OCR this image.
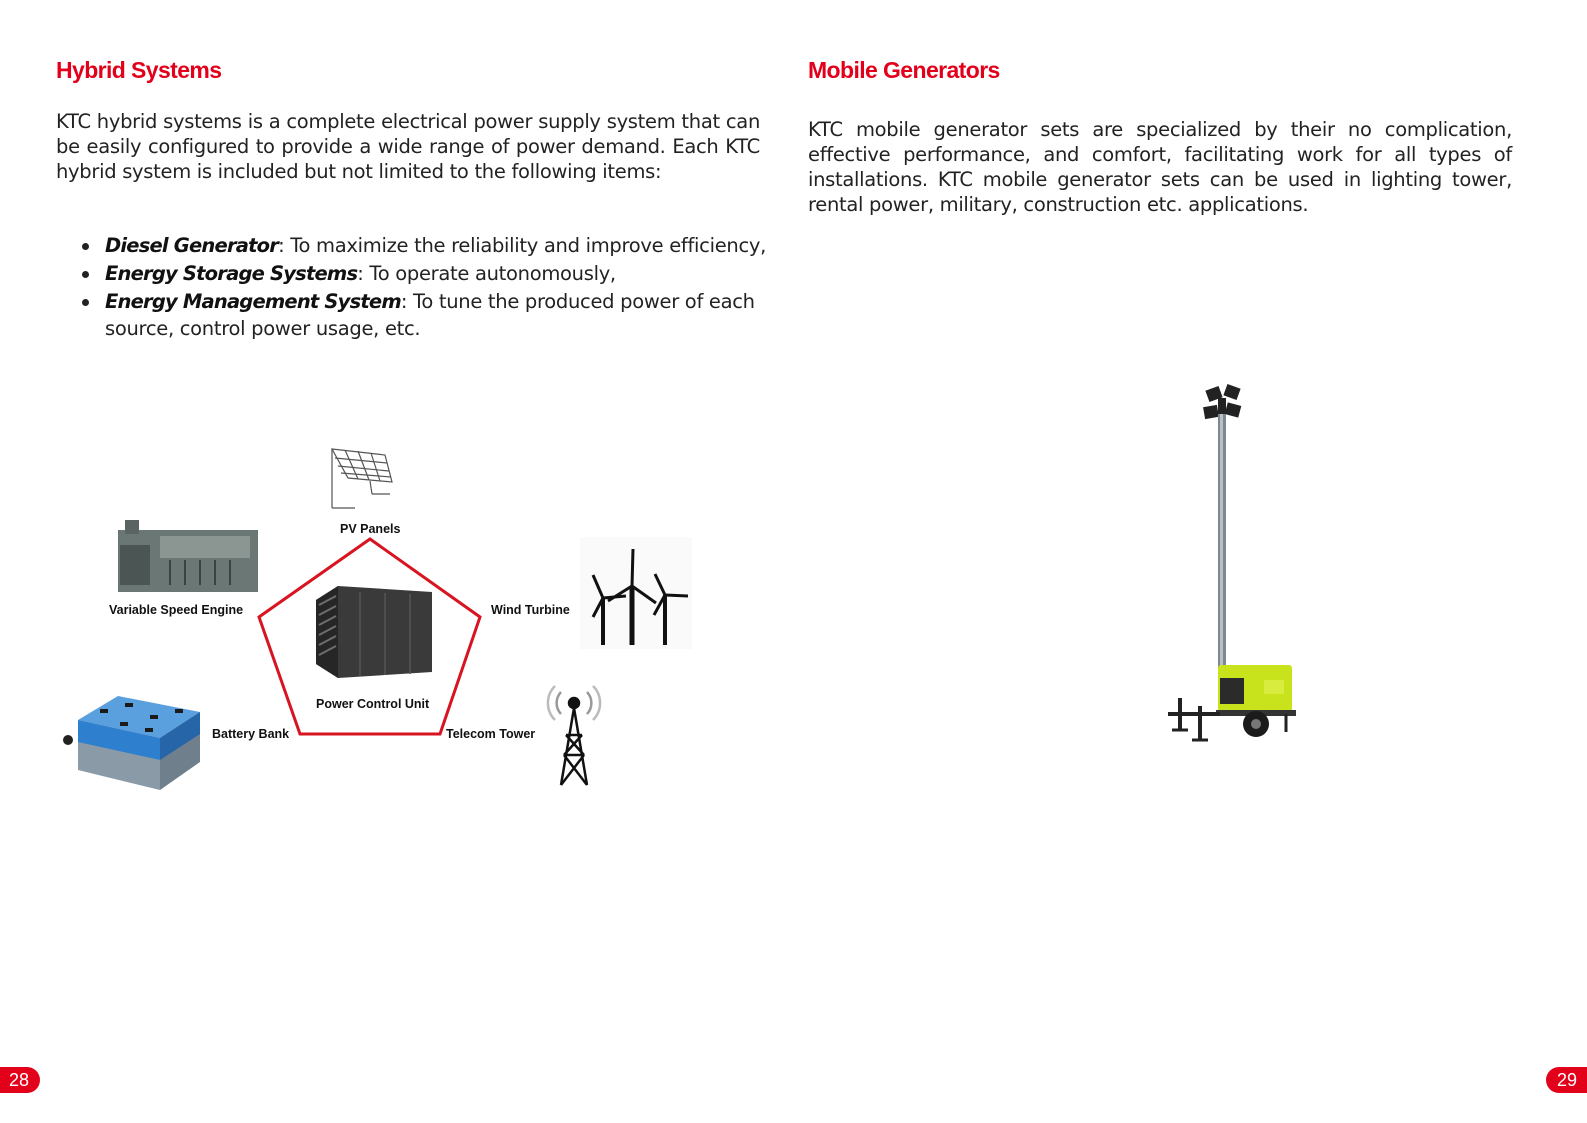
Hybrid Systems

KTC hybrid systems is a complete electrical power supply system that can be easily configured to provide a wide range of power demand. Each KTC hybrid system is included but not limited to the following items:

Diesel Generator: To maximize the reliability and improve efficiency,
Energy Storage Systems: To operate autonomously,
Energy Management System: To tune the produced power of each source, control power usage, etc.
PV Panels
Variable Speed Engine	Wind Turbine
Power Control Unit
Battery Bank	Telecom Tower
28
Mobile Generators

KTC mobile generator sets are specialized by their no complication, effective performance, and comfort, facilitating work for all types of installations. KTC mobile generator sets can be used in lighting tower, rental power, military, construction etc. applications.

29
